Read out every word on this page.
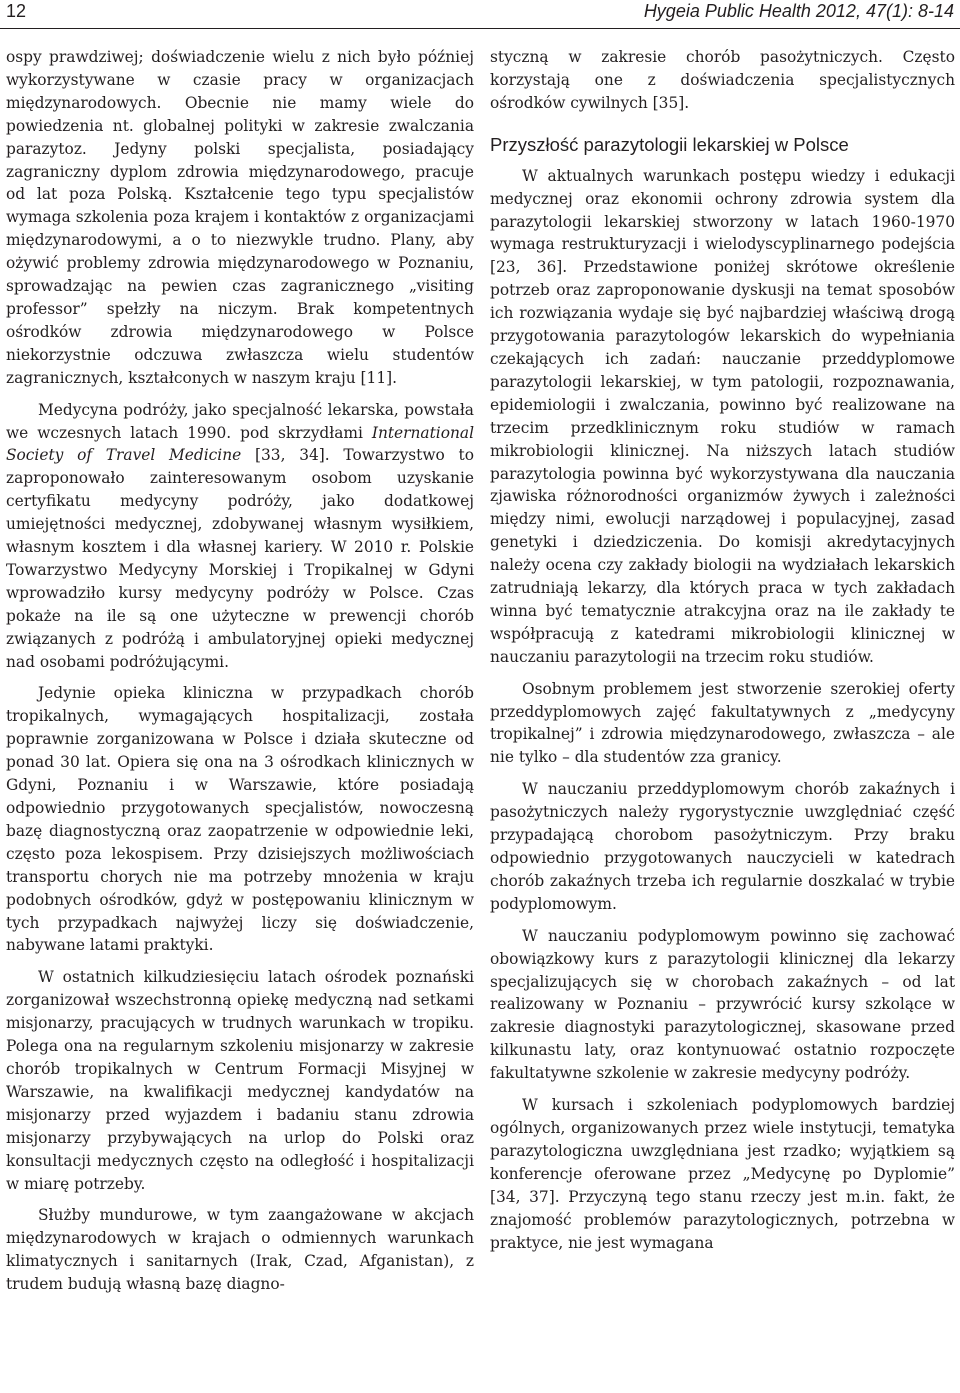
12	Hygeia Public Health 2012, 47(1): 8-14

ospy prawdziwej; doświadczenie wielu z nich było później wykorzystywane w czasie pracy w organizacjach międzynarodowych. Obecnie nie mamy wiele do powiedzenia nt. globalnej polityki w zakresie zwalczania parazytoz. Jedyny polski specjalista, posiadający zagraniczny dyplom zdrowia międzynarodowego, pracuje od lat poza Polską. Kształcenie tego typu specjalistów wymaga szkolenia poza krajem i kontaktów z organizacjami międzynarodowymi, a o to niezwykle trudno. Plany, aby ożywić problemy zdrowia międzynarodowego w Poznaniu, sprowadzając na pewien czas zagranicznego „visiting professor” spełzły na niczym. Brak kompetentnych ośrodków zdrowia międzynarodowego w Polsce niekorzystnie odczuwa zwłaszcza wielu studentów zagranicznych, kształconych w naszym kraju [11].

Medycyna podróży, jako specjalność lekarska, powstała we wczesnych latach 1990. pod skrzydłami International Society of Travel Medicine [33, 34]. Towarzystwo to zaproponowało zainteresowanym osobom uzyskanie certyfikatu medycyny podróży, jako dodatkowej umiejętności medycznej, zdobywanej własnym wysiłkiem, własnym kosztem i dla własnej kariery. W 2010 r. Polskie Towarzystwo Medycyny Morskiej i Tropikalnej w Gdyni wprowadziło kursy medycyny podróży w Polsce. Czas pokaże na ile są one użyteczne w prewencji chorób związanych z podróżą i ambulatoryjnej opieki medycznej nad osobami podróżującymi.

Jedynie opieka kliniczna w przypadkach chorób tropikalnych, wymagających hospitalizacji, została poprawnie zorganizowana w Polsce i działa skuteczne od ponad 30 lat. Opiera się ona na 3 ośrodkach klinicznych w Gdyni, Poznaniu i w Warszawie, które posiadają odpowiednio przygotowanych specjalistów, nowoczesną bazę diagnostyczną oraz zaopatrzenie w odpowiednie leki, często poza lekospisem. Przy dzisiejszych możliwościach transportu chorych nie ma potrzeby mnożenia w kraju podobnych ośrodków, gdyż w postępowaniu klinicznym w tych przypadkach najwyżej liczy się doświadczenie, nabywane latami praktyki.

W ostatnich kilkudziesięciu latach ośrodek poznański zorganizował wszechstronną opiekę medyczną nad setkami misjonarzy, pracujących w trudnych warunkach w tropiku. Polega ona na regularnym szkoleniu misjonarzy w zakresie chorób tropikalnych w Centrum Formacji Misyjnej w Warszawie, na kwalifikacji medycznej kandydatów na misjonarzy przed wyjazdem i badaniu stanu zdrowia misjonarzy przybywających na urlop do Polski oraz konsultacji medycznych często na odległość i hospitalizacji w miarę potrzeby.

Służby mundurowe, w tym zaangażowane w akcjach międzynarodowych w krajach o odmiennych warunkach klimatycznych i sanitarnych (Irak, Czad, Afganistan), z trudem budują własną bazę diagno-

styczną w zakresie chorób pasożytniczych. Często korzystają one z doświadczenia specjalistycznych ośrodków cywilnych [35].

Przyszłość parazytologii lekarskiej w Polsce

W aktualnych warunkach postępu wiedzy i edukacji medycznej oraz ekonomii ochrony zdrowia system dla parazytologii lekarskiej stworzony w latach 1960-1970 wymaga restrukturyzacji i wielodyscyplinarnego podejścia [23, 36]. Przedstawione poniżej skrótowe określenie potrzeb oraz zaproponowanie dyskusji na temat sposobów ich rozwiązania wydaje się być najbardziej właściwą drogą przygotowania parazytologów lekarskich do wypełniania czekających ich zadań: nauczanie przeddyplomowe parazytologii lekarskiej, w tym patologii, rozpoznawania, epidemiologii i zwalczania, powinno być realizowane na trzecim przedklinicznym roku studiów w ramach mikrobiologii klinicznej. Na niższych latach studiów parazytologia powinna być wykorzystywana dla nauczania zjawiska różnorodności organizmów żywych i zależności między nimi, ewolucji narządowej i populacyjnej, zasad genetyki i dziedziczenia. Do komisji akredytacyjnych należy ocena czy zakłady biologii na wydziałach lekarskich zatrudniają lekarzy, dla których praca w tych zakładach winna być tematycznie atrakcyjna oraz na ile zakłady te współpracują z katedrami mikrobiologii klinicznej w nauczaniu parazytologii na trzecim roku studiów.

Osobnym problemem jest stworzenie szerokiej oferty przeddyplomowych zajęć fakultatywnych z „medycyny tropikalnej” i zdrowia międzynarodowego, zwłaszcza – ale nie tylko – dla studentów zza granicy.

W nauczaniu przeddyplomowym chorób zakaźnych i pasożytniczych należy rygorystycznie uwzględniać część przypadającą chorobom pasożytniczym. Przy braku odpowiednio przygotowanych nauczycieli w katedrach chorób zakaźnych trzeba ich regularnie doszkalać w trybie podyplomowym.

W nauczaniu podyplomowym powinno się zachować obowiązkowy kurs z parazytologii klinicznej dla lekarzy specjalizujących się w chorobach zakaźnych – od lat realizowany w Poznaniu – przywrócić kursy szkolące w zakresie diagnostyki parazytologicznej, skasowane przed kilkunastu laty, oraz kontynuować ostatnio rozpoczęte fakultatywne szkolenie w zakresie medycyny podróży.

W kursach i szkoleniach podyplomowych bardziej ogólnych, organizowanych przez wiele instytucji, tematyka parazytologiczna uwzględniana jest rzadko; wyjątkiem są konferencje oferowane przez „Medycynę po Dyplomie” [34, 37]. Przyczyną tego stanu rzeczy jest m.in. fakt, że znajomość problemów parazytologicznych, potrzebna w praktyce, nie jest wymagana
